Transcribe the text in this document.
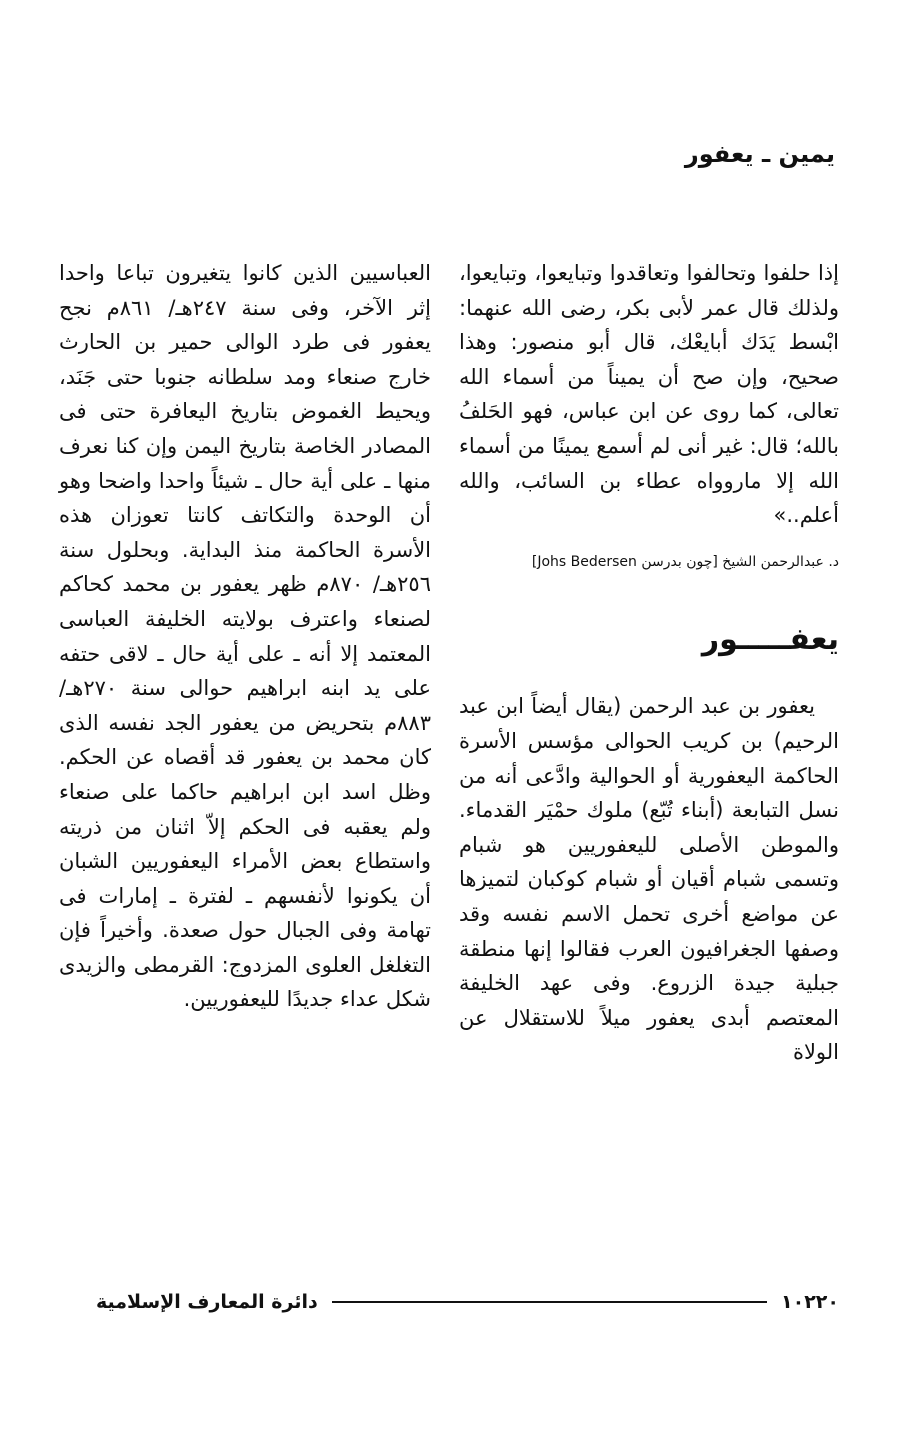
يمين ـ يعفور

إذا حلفوا وتحالفوا وتعاقدوا وتبايعوا، وتبايعوا، ولذلك قال عمر لأبى بكر، رضى الله عنهما: ابْسط يَدَك أبايعْك، قال أبو منصور: وهذا صحيح، وإن صح أن يميناً من أسماء الله تعالى، كما روى عن ابن عباس، فهو الحَلفُ بالله؛ قال: غير أنى لم أسمع يمينًا من أسماء الله إلا ماروواه عطاء بن السائب، والله أعلم..»

د. عبدالرحمن الشيخ [چون بدرسن Johs Bedersen]
يعفـــــور

يعفور بن عبد الرحمن (يقال أيضاً ابن عبد الرحيم) بن كريب الحوالى مؤسس الأسرة الحاكمة اليعفورية أو الحوالية وادَّعى أنه من نسل التبابعة (أبناء تُبّع) ملوك حمْيَر القدماء. والموطن الأصلى لليعفوريين هو شبام وتسمى شبام أقيان أو شبام كوكبان لتميزها عن مواضع أخرى تحمل الاسم نفسه وقد وصفها الجغرافيون العرب فقالوا إنها منطقة جبلية جيدة الزروع. وفى عهد الخليفة المعتصم أبدى يعفور ميلاً للاستقلال عن الولاة

العباسيين الذين كانوا يتغيرون تباعا واحدا إثر الآخر، وفى سنة ٢٤٧هـ/ ٨٦١م نجح يعفور فى طرد الوالى حمير بن الحارث خارج صنعاء ومد سلطانه جنوبا حتى جَنَد، ويحيط الغموض بتاريخ اليعافرة حتى فى المصادر الخاصة بتاريخ اليمن وإن كنا نعرف منها ـ على أية حال ـ شيئاً واحدا واضحا وهو أن الوحدة والتكاتف كانتا تعوزان هذه الأسرة الحاكمة منذ البداية. وبحلول سنة ٢٥٦هـ/ ٨٧٠م ظهر يعفور بن محمد كحاكم لصنعاء واعترف بولايته الخليفة العباسى المعتمد إلا أنه ـ على أية حال ـ لاقى حتفه على يد ابنه ابراهيم حوالى سنة ٢٧٠هـ/ ٨٨٣م بتحريض من يعفور الجد نفسه الذى كان محمد بن يعفور قد أقصاه عن الحكم. وظل اسد ابن ابراهيم حاكما على صنعاء ولم يعقبه فى الحكم إلاّ اثنان من ذريته واستطاع بعض الأمراء اليعفوريين الشبان أن يكونوا لأنفسهم ـ لفترة ـ إمارات فى تهامة وفى الجبال حول صعدة. وأخيراً فإن التغلغل العلوى المزدوج: القرمطى والزيدى شكل عداء جديدًا لليعفوريين.

١٠٢٢٠
دائرة المعارف الإسلامية
